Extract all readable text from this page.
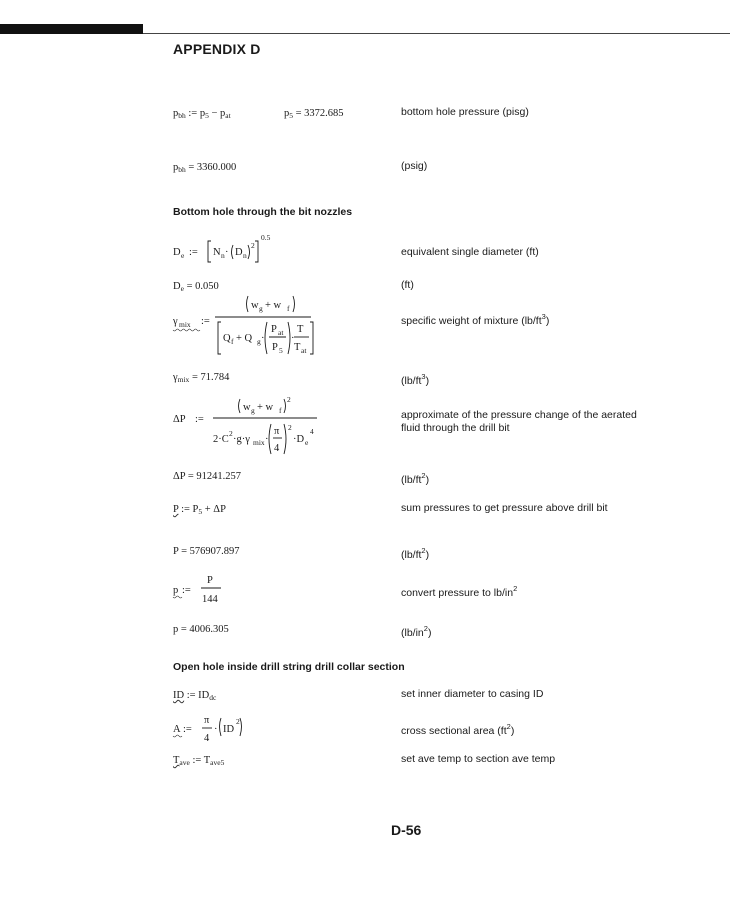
APPENDIX D
$p_{bh}$ := $p_5 - p_{at}$	$p_5 = 3372.685$	bottom hole pressure (pisg)
$p_{bh} = 3360.000$	(psig)
Bottom hole through the bit nozzles
D e := N n · D n
2
0.5
equivalent single diameter (ft)
$D_e = 0.050$	(ft)
γ mix :=
w g + w f
Q f + Q g ·
P at
P 5
·
T
T at
specific weight of mixture $(lb/ft^3)$
$\gamma_{mix} = 71.784$	$(lb/ft^3)$
ΔP :=
w g + w f
2
2·C
2
·g·γ mix ·
π
4
2
·D e
4
approximate of the pressure change of the aerated
fluid through the drill bit
ΔP = 91241.257	$(lb/ft^2)$
P := $P_5 + \Delta P$	sum pressures to get pressure above drill bit
P = 576907.897	$(lb/ft^2)$
p :=
P
144
convert pressure to $lb/in^2$
p = 4006.305	$(lb/in^2)$
Open hole inside drill string drill collar section
ID := $ID_{dc}$	set inner diameter to casing ID
A :=
π
4
· ID
2
cross sectional area $(ft^2)$
$T_{ave}$ := $T_{ave5}$	set ave temp to section ave temp
D-56
